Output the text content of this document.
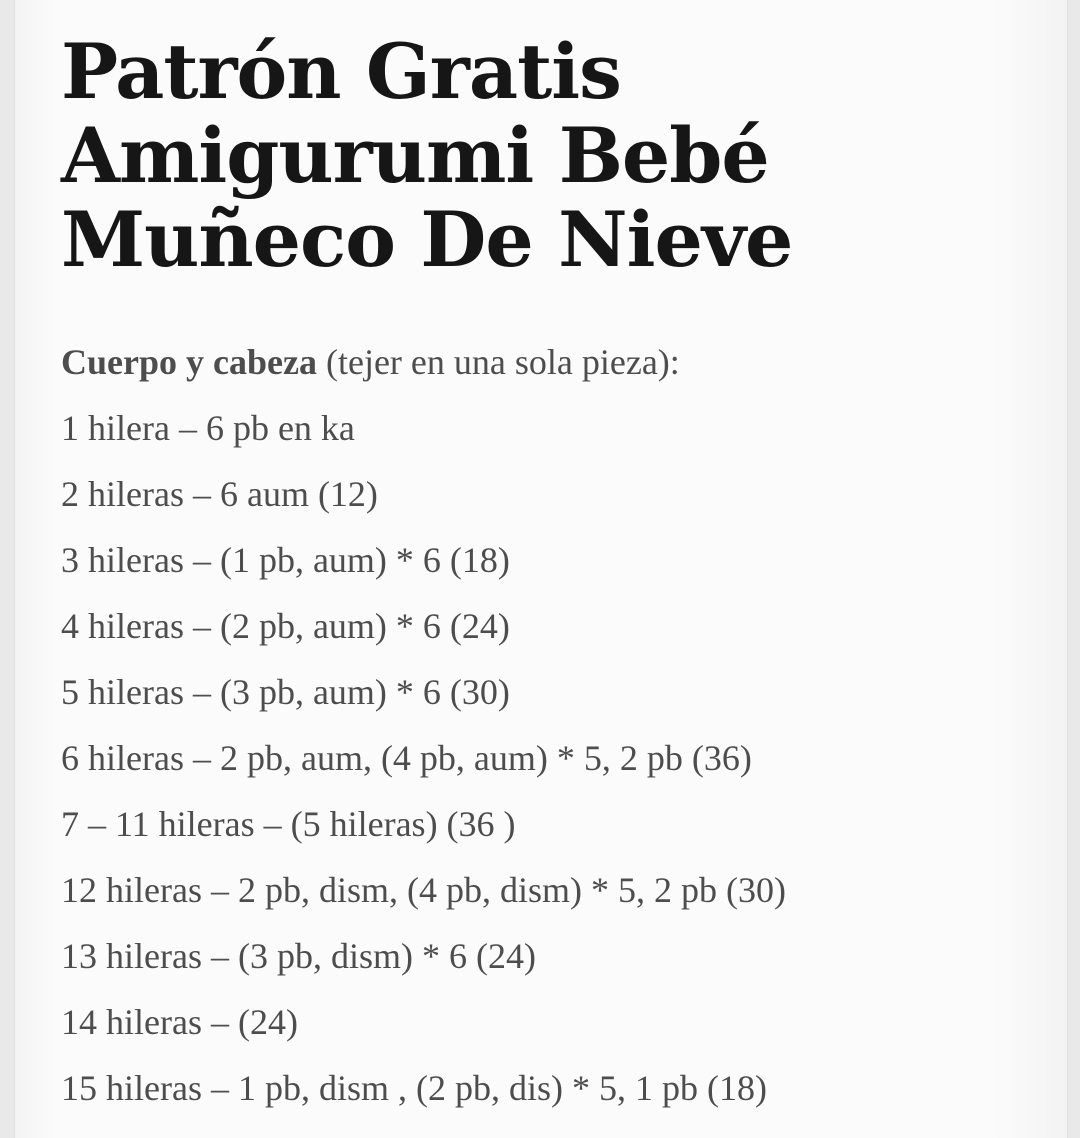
Patrón Gratis Amigurumi Bebé Muñeco De Nieve
Cuerpo y cabeza (tejer en una sola pieza):
1 hilera – 6 pb en ka
2 hileras – 6 aum (12)
3 hileras – (1 pb, aum) * 6 (18)
4 hileras – (2 pb, aum) * 6 (24)
5 hileras – (3 pb, aum) * 6 (30)
6 hileras – 2 pb, aum, (4 pb, aum) * 5, 2 pb (36)
7 – 11 hileras – (5 hileras) (36 )
12 hileras – 2 pb, dism, (4 pb, dism) * 5, 2 pb (30)
13 hileras – (3 pb, dism) * 6 (24)
14 hileras – (24)
15 hileras – 1 pb, dism , (2 pb, dis) * 5, 1 pb (18)
